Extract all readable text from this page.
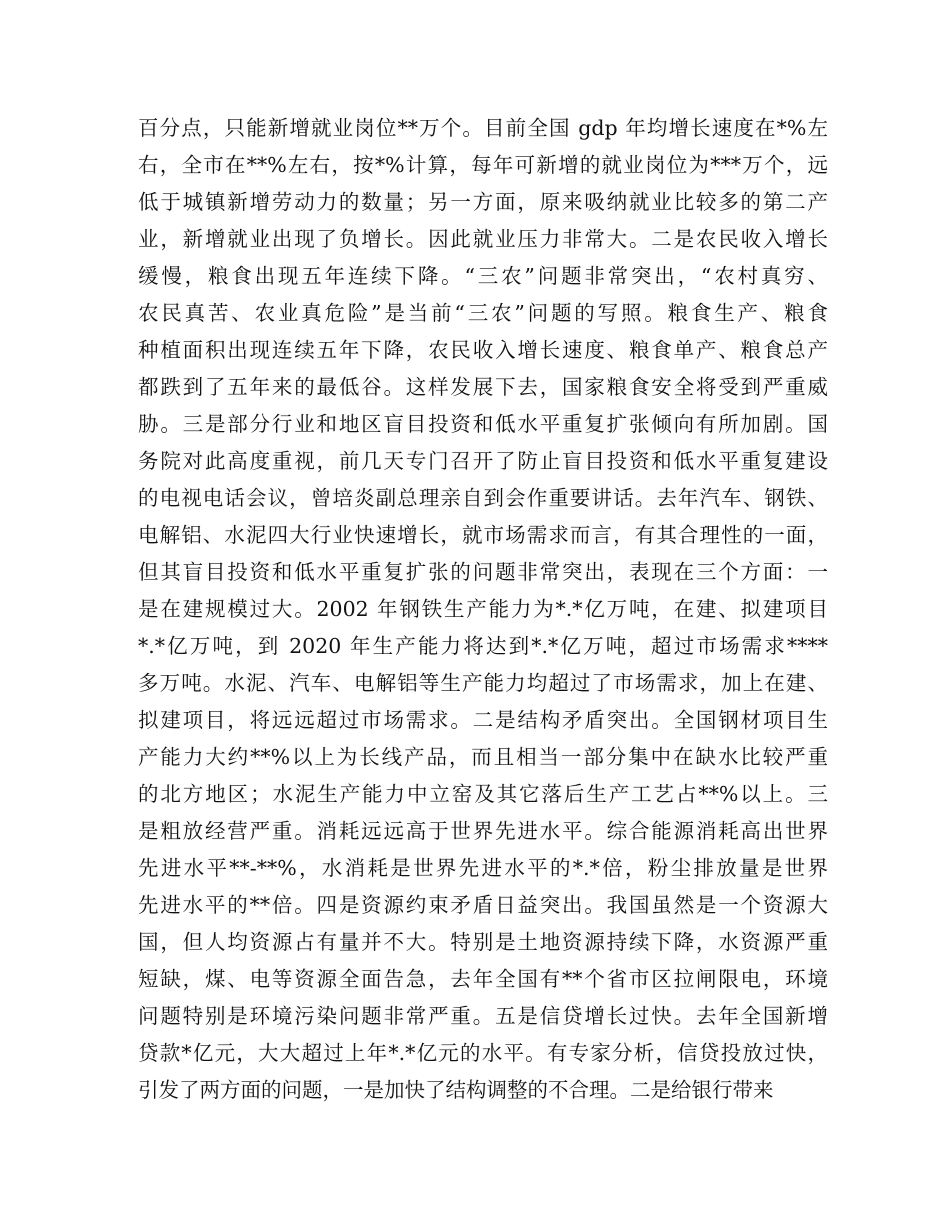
百分点，只能新增就业岗位**万个。目前全国 gdp 年均增长速度在*%左
右，全市在**%左右，按*%计算，每年可新增的就业岗位为***万个，远
低于城镇新增劳动力的数量；另一方面，原来吸纳就业比较多的第二产
业，新增就业出现了负增长。因此就业压力非常大。二是农民收入增长
缓慢，粮食出现五年连续下降。“三农”问题非常突出，“农村真穷、
农民真苦、农业真危险”是当前“三农”问题的写照。粮食生产、粮食
种植面积出现连续五年下降，农民收入增长速度、粮食单产、粮食总产
都跌到了五年来的最低谷。这样发展下去，国家粮食安全将受到严重威
胁。三是部分行业和地区盲目投资和低水平重复扩张倾向有所加剧。国
务院对此高度重视，前几天专门召开了防止盲目投资和低水平重复建设
的电视电话会议，曾培炎副总理亲自到会作重要讲话。去年汽车、钢铁、
电解铝、水泥四大行业快速增长，就市场需求而言，有其合理性的一面，
但其盲目投资和低水平重复扩张的问题非常突出，表现在三个方面：一
是在建规模过大。2002 年钢铁生产能力为*.*亿万吨，在建、拟建项目
*.*亿万吨，到 2020 年生产能力将达到*.*亿万吨，超过市场需求****
多万吨。水泥、汽车、电解铝等生产能力均超过了市场需求，加上在建、
拟建项目，将远远超过市场需求。二是结构矛盾突出。全国钢材项目生
产能力大约**%以上为长线产品，而且相当一部分集中在缺水比较严重
的北方地区；水泥生产能力中立窑及其它落后生产工艺占**%以上。三
是粗放经营严重。消耗远远高于世界先进水平。综合能源消耗高出世界
先进水平**-**%，水消耗是世界先进水平的*.*倍，粉尘排放量是世界
先进水平的**倍。四是资源约束矛盾日益突出。我国虽然是一个资源大
国，但人均资源占有量并不大。特别是土地资源持续下降，水资源严重
短缺，煤、电等资源全面告急，去年全国有**个省市区拉闸限电，环境
问题特别是环境污染问题非常严重。五是信贷增长过快。去年全国新增
贷款*亿元，大大超过上年*.*亿元的水平。有专家分析，信贷投放过快，
引发了两方面的问题，一是加快了结构调整的不合理。二是给银行带来
